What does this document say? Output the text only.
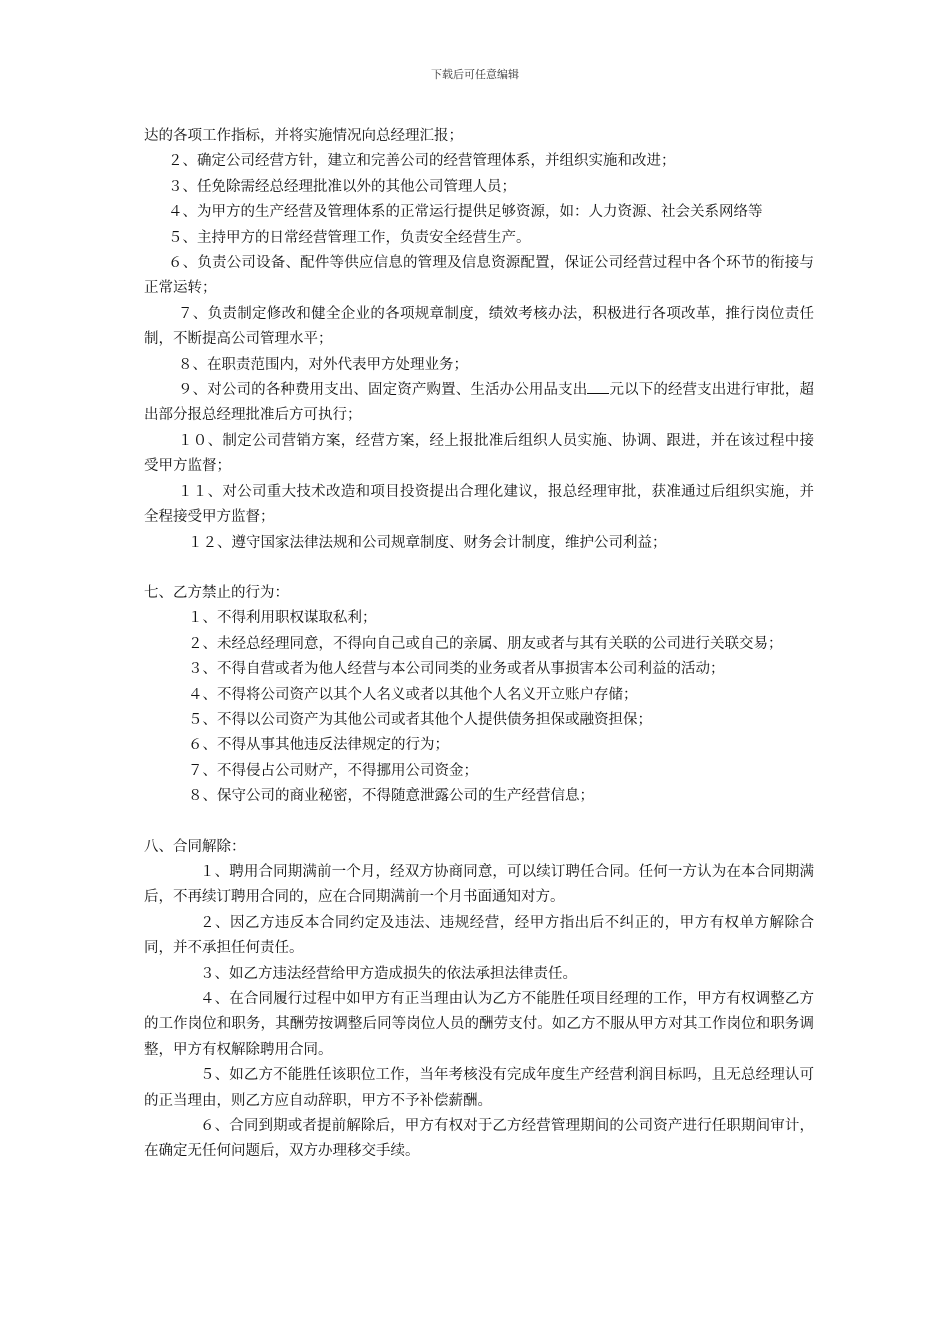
下载后可任意编辑

达的各项工作指标，并将实施情况向总经理汇报；

２、确定公司经营方针，建立和完善公司的经营管理体系，并组织实施和改进；

３、任免除需经总经理批准以外的其他公司管理人员；

４、为甲方的生产经营及管理体系的正常运行提供足够资源，如：人力资源、社会关系网络等

５、主持甲方的日常经营管理工作，负责安全经营生产。

６、负责公司设备、配件等供应信息的管理及信息资源配置，保证公司经营过程中各个环节的衔接与正常运转；

７、负责制定修改和健全企业的各项规章制度，绩效考核办法，积极进行各项改革，推行岗位责任制，不断提高公司管理水平；

８、在职责范围内，对外代表甲方处理业务；

９、对公司的各种费用支出、固定资产购置、生活办公用品支出 元以下的经营支出进行审批，超出部分报总经理批准后方可执行；

１０、制定公司营销方案，经营方案，经上报批准后组织人员实施、协调、跟进，并在该过程中接受甲方监督；

１１、对公司重大技术改造和项目投资提出合理化建议，报总经理审批，获准通过后组织实施，并全程接受甲方监督；

１２、遵守国家法律法规和公司规章制度、财务会计制度，维护公司利益；

七、乙方禁止的行为：

１、不得利用职权谋取私利；

２、未经总经理同意，不得向自己或自己的亲属、朋友或者与其有关联的公司进行关联交易；

３、不得自营或者为他人经营与本公司同类的业务或者从事损害本公司利益的活动；

４、不得将公司资产以其个人名义或者以其他个人名义开立账户存储；

５、不得以公司资产为其他公司或者其他个人提供债务担保或融资担保；

６、不得从事其他违反法律规定的行为；

７、不得侵占公司财产，不得挪用公司资金；

８、保守公司的商业秘密，不得随意泄露公司的生产经营信息；

八、合同解除：

１、聘用合同期满前一个月，经双方协商同意，可以续订聘任合同。任何一方认为在本合同期满后，不再续订聘用合同的，应在合同期满前一个月书面通知对方。

２、因乙方违反本合同约定及违法、违规经营，经甲方指出后不纠正的，甲方有权单方解除合同，并不承担任何责任。

３、如乙方违法经营给甲方造成损失的依法承担法律责任。

４、在合同履行过程中如甲方有正当理由认为乙方不能胜任项目经理的工作，甲方有权调整乙方的工作岗位和职务，其酬劳按调整后同等岗位人员的酬劳支付。如乙方不服从甲方对其工作岗位和职务调整，甲方有权解除聘用合同。

５、如乙方不能胜任该职位工作，当年考核没有完成年度生产经营利润目标吗，且无总经理认可的正当理由，则乙方应自动辞职，甲方不予补偿薪酬。

６、合同到期或者提前解除后，甲方有权对于乙方经营管理期间的公司资产进行任职期间审计，在确定无任何问题后，双方办理移交手续。
